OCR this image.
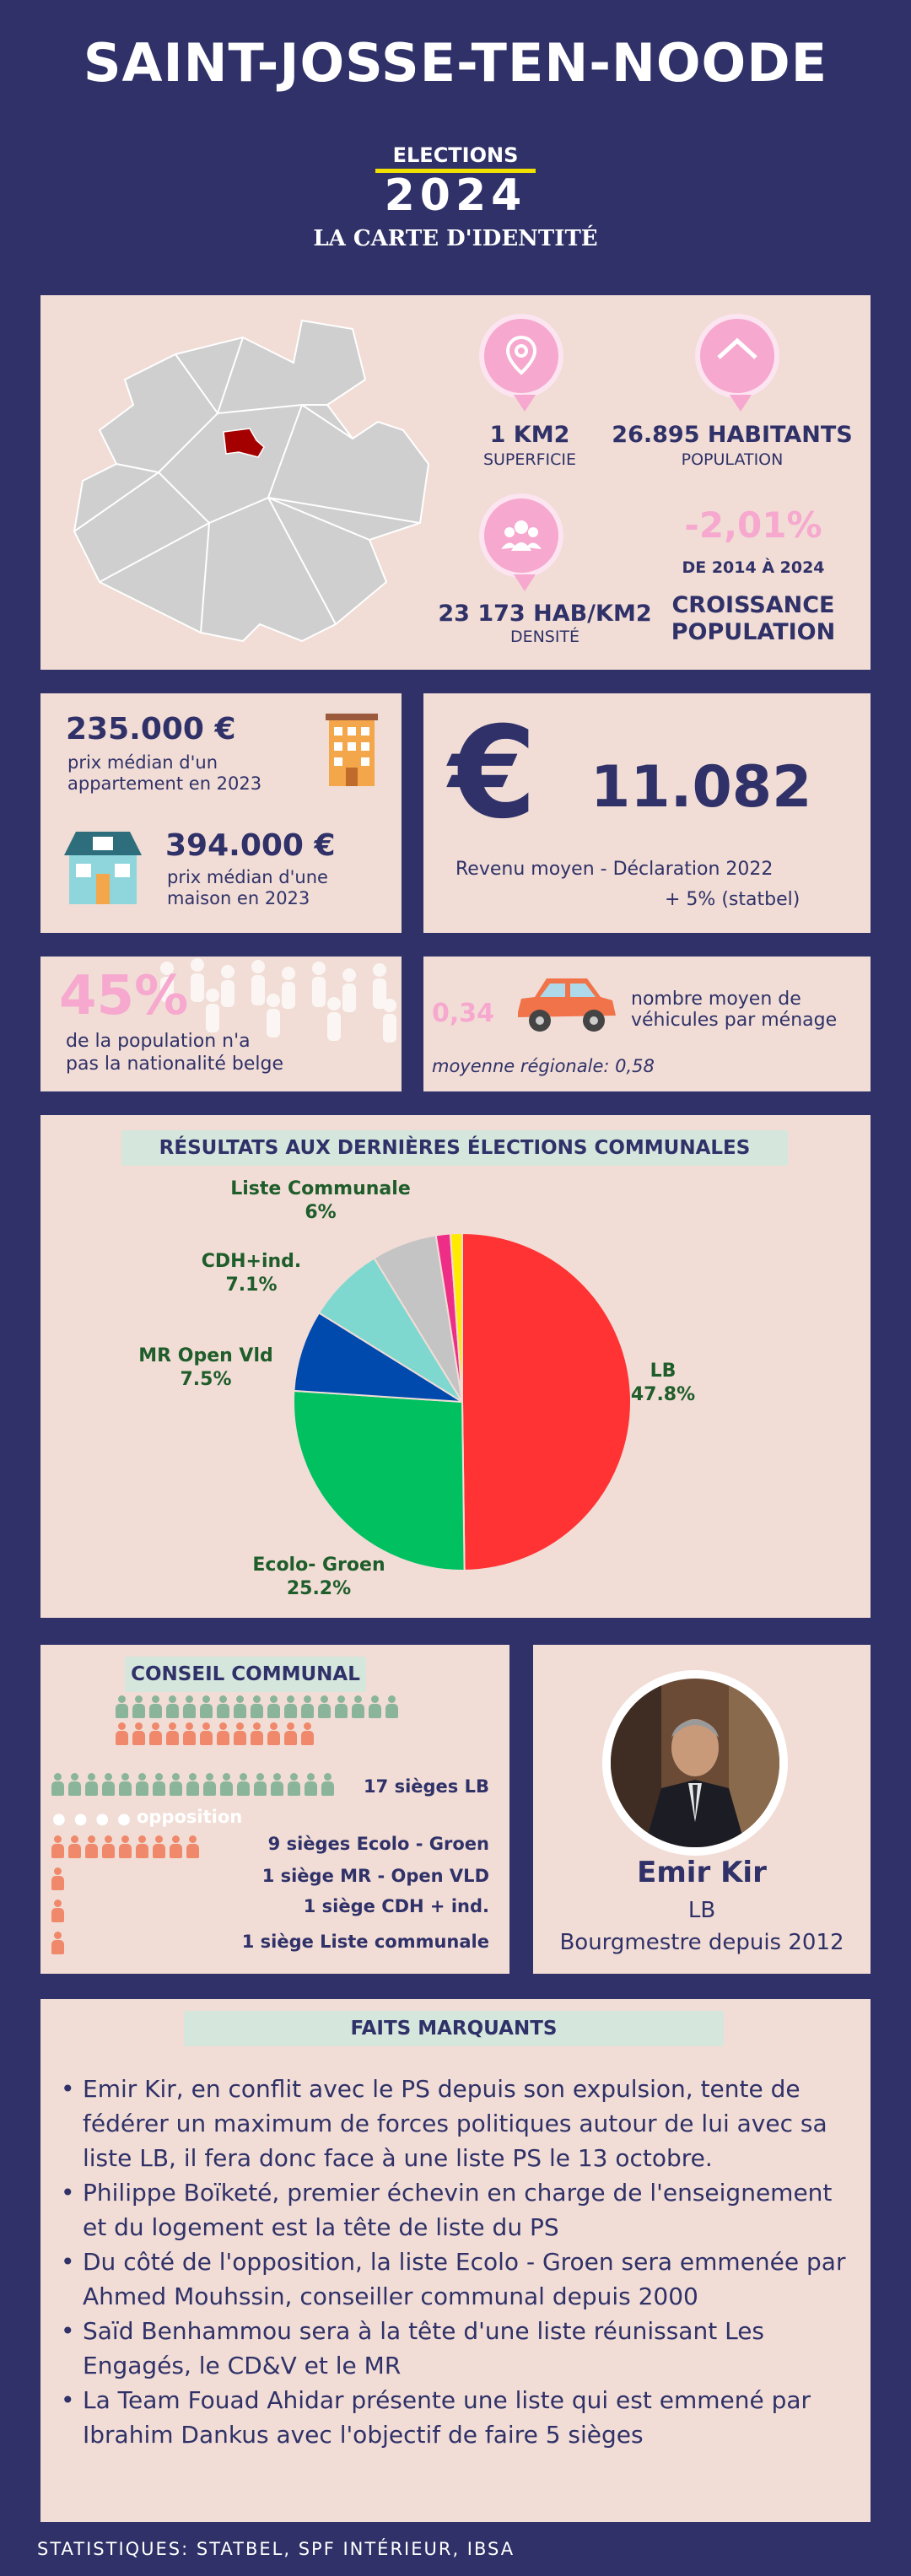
SAINT-JOSSE-TEN-NOODE
ELECTIONS
2024
LA CARTE D'IDENTITÉ
1 KM2
SUPERFICIE
26.895 HABITANTS
POPULATION
23 173 HAB/KM2
DENSITÉ
-2,01%
DE 2014 À 2024
CROISSANCE
POPULATION
235.000 €
prix médian d'un
appartement en 2023
394.000 €
prix médian d'une
maison en 2023
€ 11.082
Revenu moyen - Déclaration 2022
+ 5% (statbel)
45%
de la population n'a
pas la nationalité belge
0,34	nombre moyen de
véhicules par ménage
moyenne régionale: 0,58
RÉSULTATS AUX DERNIÈRES ÉLECTIONS COMMUNALES
Liste Communale
6%
CDH+ind.
7.1%
MR Open Vld
7.5%	LB
47.8%
Ecolo- Groen
25.2%
CONSEIL COMMUNAL
●●●●
opposition
17 sièges LB
9 sièges Ecolo - Groen
1 siège MR - Open VLD
1 siège CDH + ind.
1 siège Liste communale
Emir Kir
LB
Bourgmestre depuis 2012
FAITS MARQUANTS
• Emir Kir, en conflit avec le PS depuis son expulsion, tente de fédérer un maximum de forces politiques autour de lui avec sa liste LB, il fera donc face à une liste PS le 13 octobre.
• Philippe Boïketé, premier échevin en charge de l'enseignement et du logement est la tête de liste du PS
• Du côté de l'opposition, la liste Ecolo - Groen sera emmenée par Ahmed Mouhssin, conseiller communal depuis 2000
• Saïd Benhammou sera à la tête d'une liste réunissant Les Engagés, le CD&V et le MR
• La Team Fouad Ahidar présente une liste qui est emmené par Ibrahim Dankus avec l'objectif de faire 5 sièges
STATISTIQUES: STATBEL, SPF INTÉRIEUR, IBSA
